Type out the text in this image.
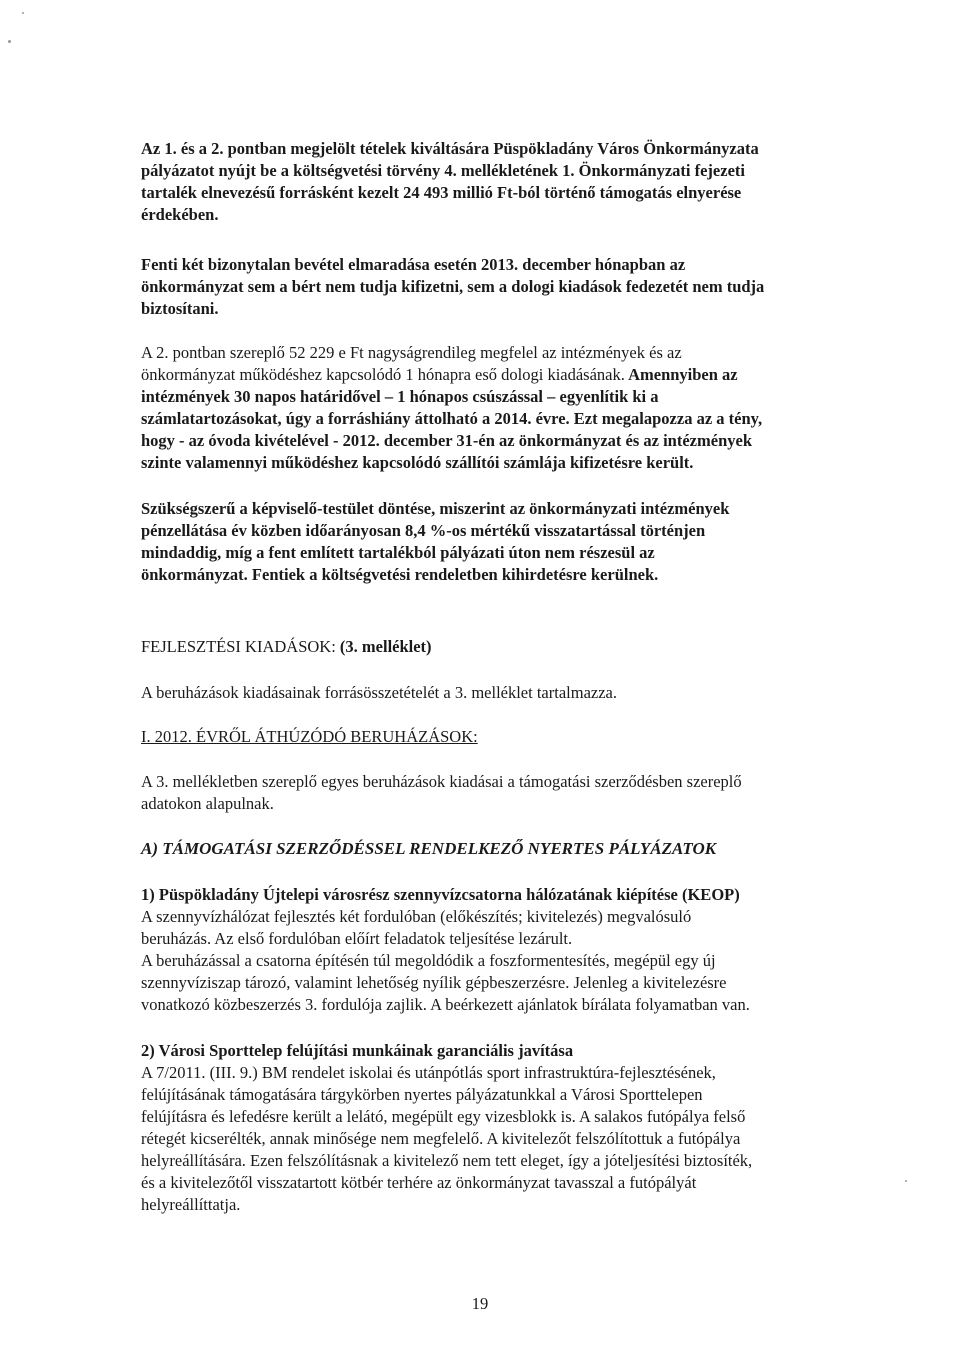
Az 1. és a 2. pontban megjelölt tételek kiváltására Püspökladány Város Önkormányzata
pályázatot nyújt be a költségvetési törvény 4. mellékletének 1. Önkormányzati fejezeti
tartalék elnevezésű forrásként kezelt 24 493 millió Ft-ból történő támogatás elnyerése
érdekében.
Fenti két bizonytalan bevétel elmaradása esetén 2013. december hónapban az
önkormányzat sem a bért nem tudja kifizetni, sem a dologi kiadások fedezetét nem tudja
biztosítani.
A 2. pontban szereplő 52 229 e Ft nagyságrendileg megfelel az intézmények és az
önkormányzat működéshez kapcsolódó 1 hónapra eső dologi kiadásának. Amennyiben az
intézmények 30 napos határidővel – 1 hónapos csúszással – egyenlítik ki a
számlatartozásokat, úgy a forráshiány áttolható a 2014. évre. Ezt megalapozza az a tény,
hogy - az óvoda kivételével - 2012. december 31-én az önkormányzat és az intézmények
szinte valamennyi működéshez kapcsolódó szállítói számlája kifizetésre került.
Szükségszerű a képviselő-testület döntése, miszerint az önkormányzati intézmények
pénzellátása év közben időarányosan 8,4 %-os mértékű visszatartással történjen
mindaddig, míg a fent említett tartalékból pályázati úton nem részesül az
önkormányzat. Fentiek a költségvetési rendeletben kihirdetésre kerülnek.
FEJLESZTÉSI KIADÁSOK: (3. melléklet)
A beruházások kiadásainak forrásösszetételét a 3. melléklet tartalmazza.
I. 2012. ÉVRŐL ÁTHÚZÓDÓ BERUHÁZÁSOK:
A 3. mellékletben szereplő egyes beruházások kiadásai a támogatási szerződésben szereplő
adatokon alapulnak.
A) TÁMOGATÁSI SZERZŐDÉSSEL RENDELKEZŐ NYERTES PÁLYÁZATOK
1) Püspökladány Újtelepi városrész szennyvízcsatorna hálózatának kiépítése (KEOP)
A szennyvízhálózat fejlesztés két fordulóban (előkészítés; kivitelezés) megvalósuló
beruházás. Az első fordulóban előírt feladatok teljesítése lezárult.
A beruházással a csatorna építésén túl megoldódik a foszformentesítés, megépül egy új
szennyvíziszap tározó, valamint lehetőség nyílik gépbeszerzésre. Jelenleg a kivitelezésre
vonatkozó közbeszerzés 3. fordulója zajlik. A beérkezett ajánlatok bírálata folyamatban van.
2) Városi Sporttelep felújítási munkáinak garanciális javítása
A 7/2011. (III. 9.) BM rendelet iskolai és utánpótlás sport infrastruktúra-fejlesztésének,
felújításának támogatására tárgykörben nyertes pályázatunkkal a Városi Sporttelepen
felújításra és lefedésre került a lelátó, megépült egy vizesblokk is. A salakos futópálya felső
rétegét kicserélték, annak minősége nem megfelelő. A kivitelezőt felszólítottuk a futópálya
helyreállítására. Ezen felszólításnak a kivitelező nem tett eleget, így a jóteljesítési biztosíték,
és a kivitelezőtől visszatartott kötbér terhére az önkormányzat tavasszal a futópályát
helyreállíttatja.
19
